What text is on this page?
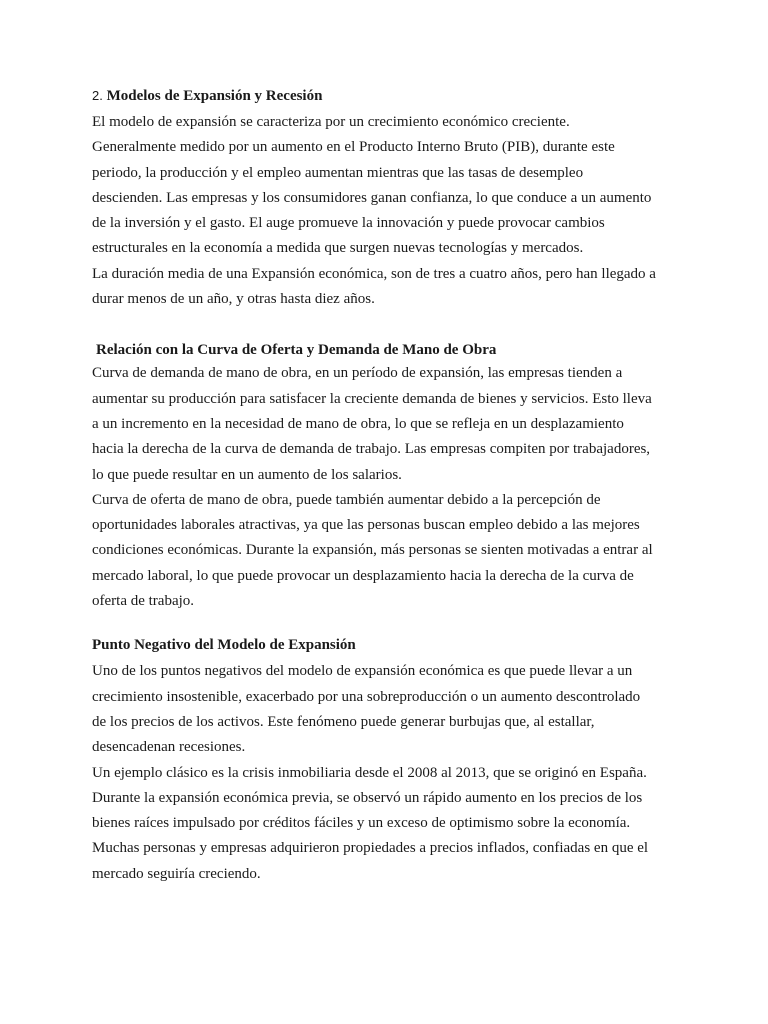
2. Modelos de Expansión y Recesión
El modelo de expansión se caracteriza por un crecimiento económico creciente.
Generalmente medido por un aumento en el Producto Interno Bruto (PIB), durante este
periodo, la producción y el empleo aumentan mientras que las tasas de desempleo
descienden. Las empresas y los consumidores ganan confianza, lo que conduce a un aumento
de la inversión y el gasto. El auge promueve la innovación y puede provocar cambios
estructurales en la economía a medida que surgen nuevas tecnologías y mercados.
La duración media de una Expansión económica, son de tres a cuatro años, pero han llegado a
durar menos de un año, y otras hasta diez años.
Relación con la Curva de Oferta y Demanda de Mano de Obra
Curva de demanda de mano de obra, en un período de expansión, las empresas tienden a
aumentar su producción para satisfacer la creciente demanda de bienes y servicios. Esto lleva
a un incremento en la necesidad de mano de obra, lo que se refleja en un desplazamiento
hacia la derecha de la curva de demanda de trabajo. Las empresas compiten por trabajadores,
lo que puede resultar en un aumento de los salarios.
Curva de oferta de mano de obra, puede también aumentar debido a la percepción de
oportunidades laborales atractivas, ya que las personas buscan empleo debido a las mejores
condiciones económicas. Durante la expansión, más personas se sienten motivadas a entrar al
mercado laboral, lo que puede provocar un desplazamiento hacia la derecha de la curva de
oferta de trabajo.
Punto Negativo del Modelo de Expansión
Uno de los puntos negativos del modelo de expansión económica es que puede llevar a un
crecimiento insostenible, exacerbado por una sobreproducción o un aumento descontrolado
de los precios de los activos. Este fenómeno puede generar burbujas que, al estallar,
desencadenan recesiones.
Un ejemplo clásico es la crisis inmobiliaria desde el 2008 al 2013, que se originó en España.
Durante la expansión económica previa, se observó un rápido aumento en los precios de los
bienes raíces impulsado por créditos fáciles y un exceso de optimismo sobre la economía.
Muchas personas y empresas adquirieron propiedades a precios inflados, confiadas en que el
mercado seguiría creciendo.
